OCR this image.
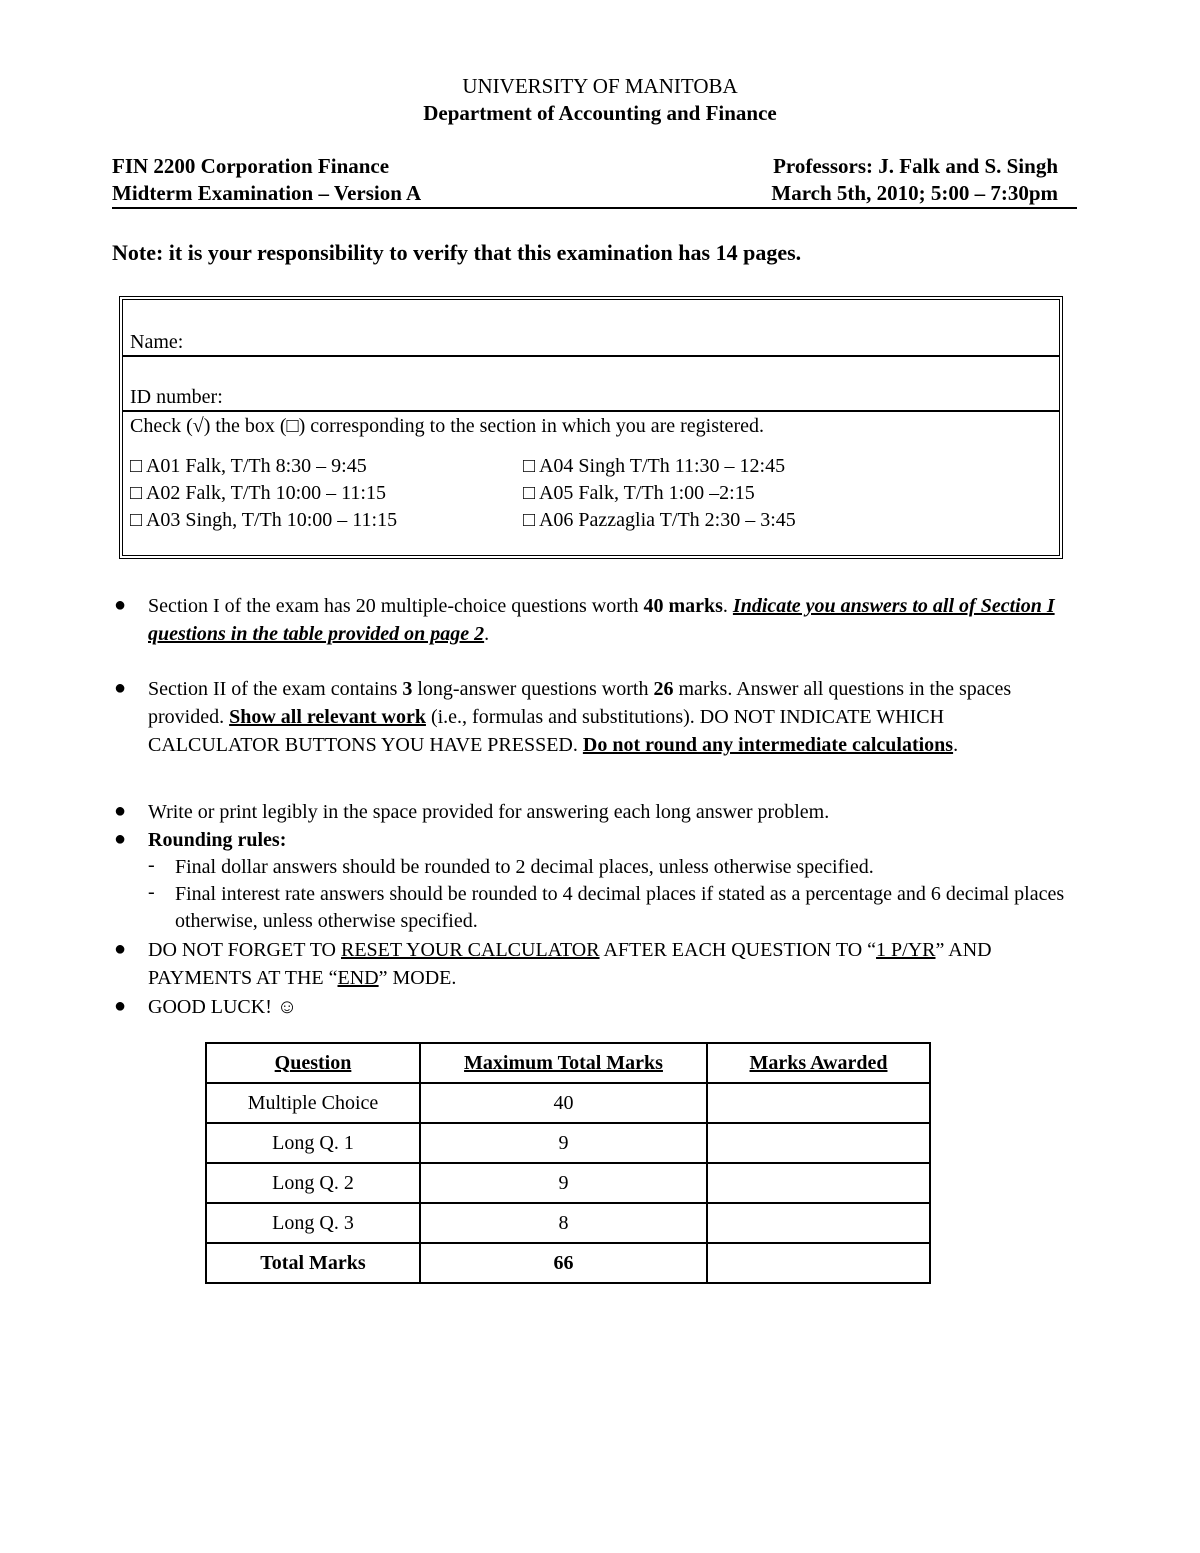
UNIVERSITY OF MANITOBA
Department of Accounting and Finance
FIN 2200 Corporation Finance	Professors: J. Falk and S. Singh
Midterm Examination – Version A	March 5th, 2010; 5:00 – 7:30pm
Note: it is your responsibility to verify that this examination has 14 pages.
Name:
ID number:
Check (√) the box (□) corresponding to the section in which you are registered.
□ A01 Falk, T/Th 8:30 – 9:45
□ A02 Falk, T/Th 10:00 – 11:15
□ A03 Singh, T/Th 10:00 – 11:15
□ A04 Singh T/Th 11:30 – 12:45
□ A05 Falk, T/Th 1:00 –2:15
□ A06 Pazzaglia T/Th 2:30 – 3:45
● Section I of the exam has 20 multiple-choice questions worth 40 marks. Indicate you answers to all of Section I questions in the table provided on page 2.
● Section II of the exam contains 3 long-answer questions worth 26 marks. Answer all questions in the spaces provided. Show all relevant work (i.e., formulas and substitutions). DO NOT INDICATE WHICH CALCULATOR BUTTONS YOU HAVE PRESSED. Do not round any intermediate calculations.
● Write or print legibly in the space provided for answering each long answer problem.
● Rounding rules:
- Final dollar answers should be rounded to 2 decimal places, unless otherwise specified.
- Final interest rate answers should be rounded to 4 decimal places if stated as a percentage and 6 decimal places otherwise, unless otherwise specified.
● DO NOT FORGET TO RESET YOUR CALCULATOR AFTER EACH QUESTION TO “1 P/YR” AND PAYMENTS AT THE “END” MODE.
● GOOD LUCK! ☺
Question	Maximum Total Marks	Marks Awarded
Multiple Choice	40	
Long Q. 1	9	
Long Q. 2	9	
Long Q. 3	8	
Total Marks	66	
